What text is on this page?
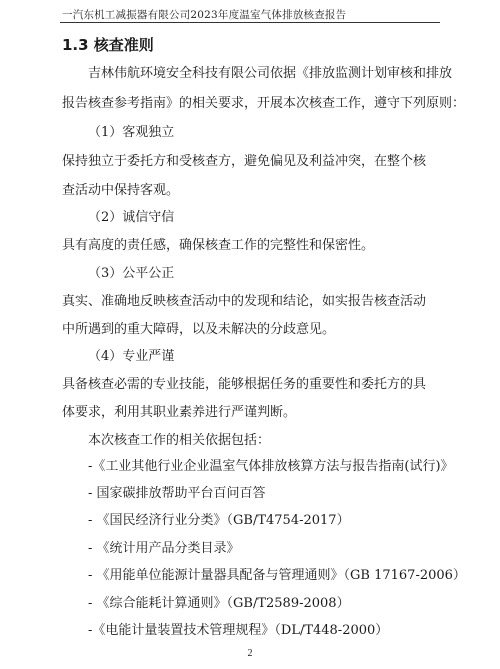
一汽东机工减振器有限公司2023年度温室气体排放核查报告
1.3 核查准则
吉林伟航环境安全科技有限公司依据《排放监测计划审核和排放
报告核查参考指南》的相关要求，开展本次核查工作，遵守下列原则：
（1）客观独立
保持独立于委托方和受核查方，避免偏见及利益冲突，在整个核
查活动中保持客观。
（2）诚信守信
具有高度的责任感，确保核查工作的完整性和保密性。
（3）公平公正
真实、准确地反映核查活动中的发现和结论，如实报告核查活动
中所遇到的重大障碍，以及未解决的分歧意见。
（4）专业严谨
具备核查必需的专业技能，能够根据任务的重要性和委托方的具
体要求，利用其职业素养进行严谨判断。
本次核查工作的相关依据包括：
-《工业其他行业企业温室气体排放核算方法与报告指南(试行)》
- 国家碳排放帮助平台百问百答
- 《国民经济行业分类》（GB/T4754-2017）
- 《统计用产品分类目录》
- 《用能单位能源计量器具配备与管理通则》（GB 17167-2006）
- 《综合能耗计算通则》（GB/T2589-2008）
-《电能计量装置技术管理规程》（DL/T448-2000）
2
